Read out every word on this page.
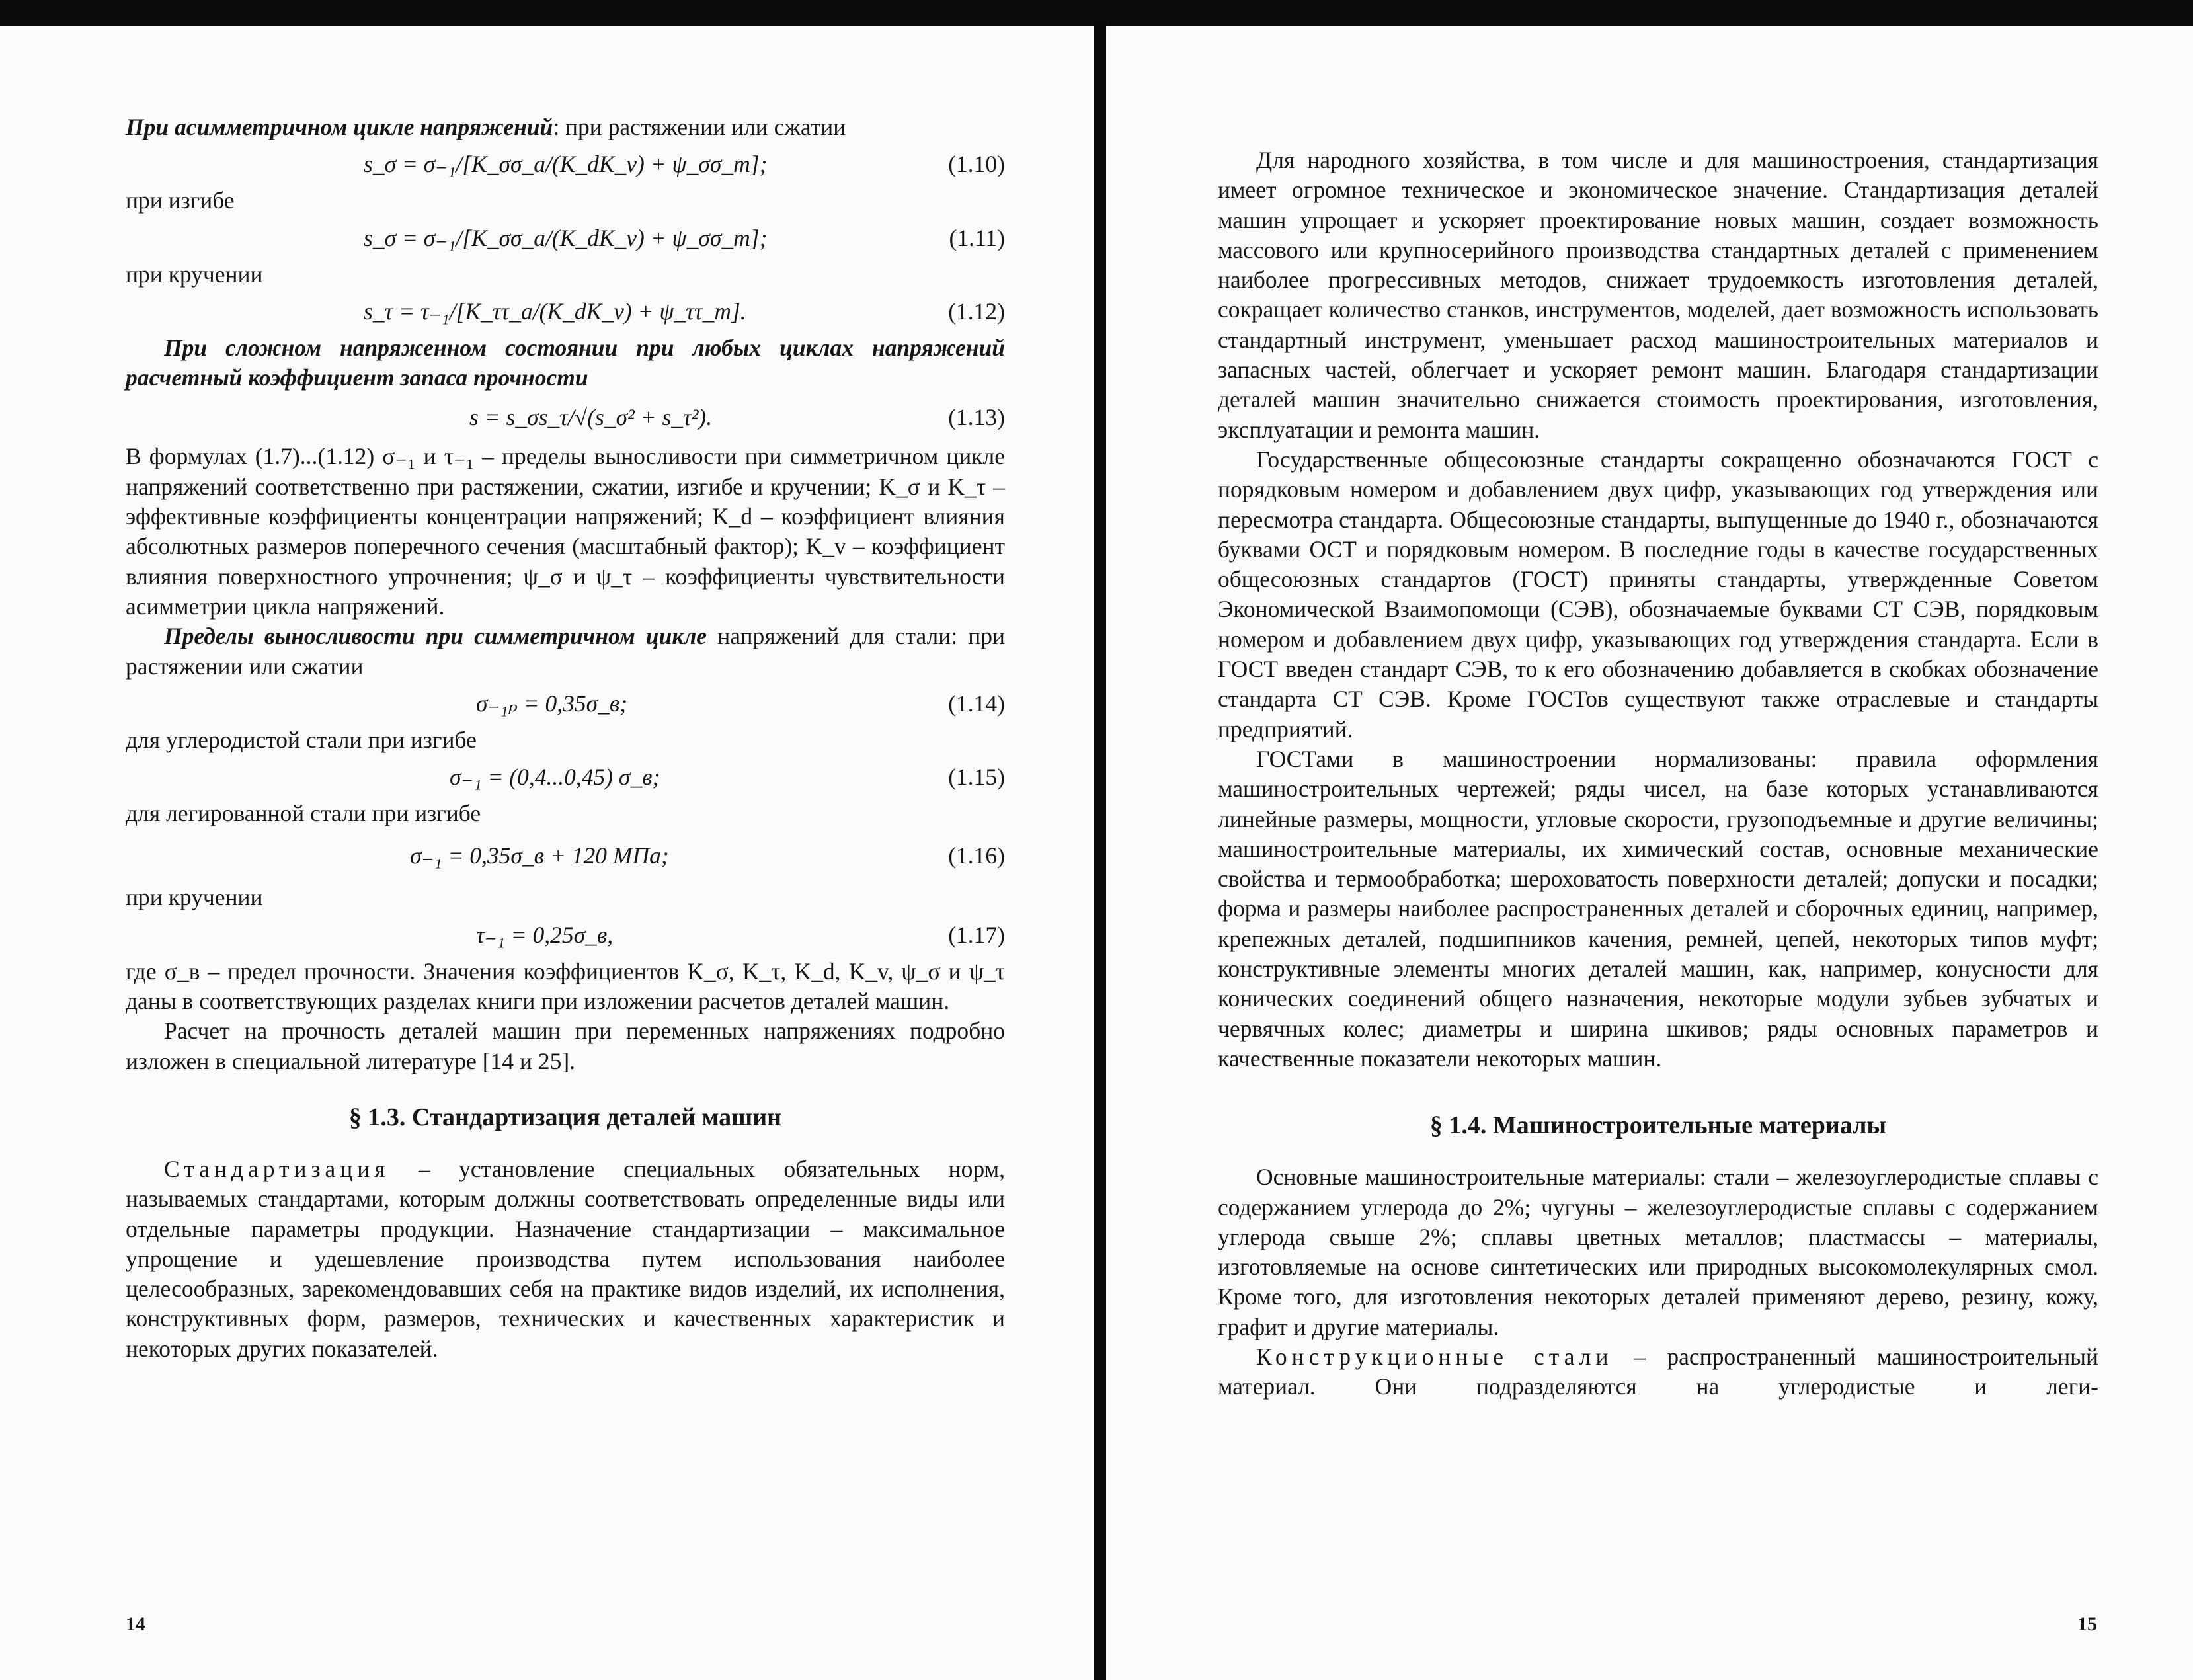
При асимметричном цикле напряжений: при растяжении или сжатии

s_σ = σ₋₁/[K_σσ_a/(K_dK_v) + ψ_σσ_m];	(1.10)

при изгибе

s_σ = σ₋₁/[K_σσ_a/(K_dK_v) + ψ_σσ_m];	(1.11)

при кручении

s_τ = τ₋₁/[K_ττ_a/(K_dK_v) + ψ_ττ_m].	(1.12)

При сложном напряженном состоянии при любых циклах напряжений расчетный коэффициент запаса прочности

s = s_σs_τ/√(s_σ² + s_τ²).	(1.13)

В формулах (1.7)...(1.12) σ₋₁ и τ₋₁ – пределы выносливости при симметричном цикле напряжений соответственно при растяжении, сжатии, изгибе и кручении; K_σ и K_τ – эффективные коэффициенты концентрации напряжений; K_d – коэффициент влияния абсолютных размеров поперечного сечения (масштабный фактор); K_v – коэффициент влияния поверхностного упрочнения; ψ_σ и ψ_τ – коэффициенты чувствительности асимметрии цикла напряжений.

Пределы выносливости при симметричном цикле напряжений для стали: при растяжении или сжатии

σ₋₁ₚ = 0,35σ_в;	(1.14)

для углеродистой стали при изгибе

σ₋₁ = (0,4...0,45) σ_в;	(1.15)

для легированной стали при изгибе

σ₋₁ = 0,35σ_в + 120 МПа;	(1.16)

при кручении

τ₋₁ = 0,25σ_в,	(1.17)

где σ_в – предел прочности. Значения коэффициентов K_σ, K_τ, K_d, K_v, ψ_σ и ψ_τ даны в соответствующих разделах книги при изложении расчетов деталей машин.

Расчет на прочность деталей машин при переменных напряжениях подробно изложен в специальной литературе [14 и 25].

§ 1.3. Стандартизация деталей машин

Стандартизация – установление специальных обязательных норм, называемых стандартами, которым должны соответствовать определенные виды или отдельные параметры продукции. Назначение стандартизации – максимальное упрощение и удешевление производства путем использования наиболее целесообразных, зарекомендовавших себя на практике видов изделий, их исполнения, конструктивных форм, размеров, технических и качественных характеристик и некоторых других показателей.

14

Для народного хозяйства, в том числе и для машиностроения, стандартизация имеет огромное техническое и экономическое значение. Стандартизация деталей машин упрощает и ускоряет проектирование новых машин, создает возможность массового или крупносерийного производства стандартных деталей с применением наиболее прогрессивных методов, снижает трудоемкость изготовления деталей, сокращает количество станков, инструментов, моделей, дает возможность использовать стандартный инструмент, уменьшает расход машиностроительных материалов и запасных частей, облегчает и ускоряет ремонт машин. Благодаря стандартизации деталей машин значительно снижается стоимость проектирования, изготовления, эксплуатации и ремонта машин.

Государственные общесоюзные стандарты сокращенно обозначаются ГОСТ с порядковым номером и добавлением двух цифр, указывающих год утверждения или пересмотра стандарта. Общесоюзные стандарты, выпущенные до 1940 г., обозначаются буквами ОСТ и порядковым номером. В последние годы в качестве государственных общесоюзных стандартов (ГОСТ) приняты стандарты, утвержденные Советом Экономической Взаимопомощи (СЭВ), обозначаемые буквами СТ СЭВ, порядковым номером и добавлением двух цифр, указывающих год утверждения стандарта. Если в ГОСТ введен стандарт СЭВ, то к его обозначению добавляется в скобках обозначение стандарта СТ СЭВ. Кроме ГОСТов существуют также отраслевые и стандарты предприятий.

ГОСТами в машиностроении нормализованы: правила оформления машиностроительных чертежей; ряды чисел, на базе которых устанавливаются линейные размеры, мощности, угловые скорости, грузоподъемные и другие величины; машиностроительные материалы, их химический состав, основные механические свойства и термообработка; шероховатость поверхности деталей; допуски и посадки; форма и размеры наиболее распространенных деталей и сборочных единиц, например, крепежных деталей, подшипников качения, ремней, цепей, некоторых типов муфт; конструктивные элементы многих деталей машин, как, например, конусности для конических соединений общего назначения, некоторые модули зубьев зубчатых и червячных колес; диаметры и ширина шкивов; ряды основных параметров и качественные показатели некоторых машин.

§ 1.4. Машиностроительные материалы

Основные машиностроительные материалы: стали – железоуглеродистые сплавы с содержанием углерода до 2%; чугуны – железоуглеродистые сплавы с содержанием углерода свыше 2%; сплавы цветных металлов; пластмассы – материалы, изготовляемые на основе синтетических или природных высокомолекулярных смол. Кроме того, для изготовления некоторых деталей применяют дерево, резину, кожу, графит и другие материалы.

Конструкционные стали – распространенный машиностроительный материал. Они подразделяются на углеродистые и леги-

15
